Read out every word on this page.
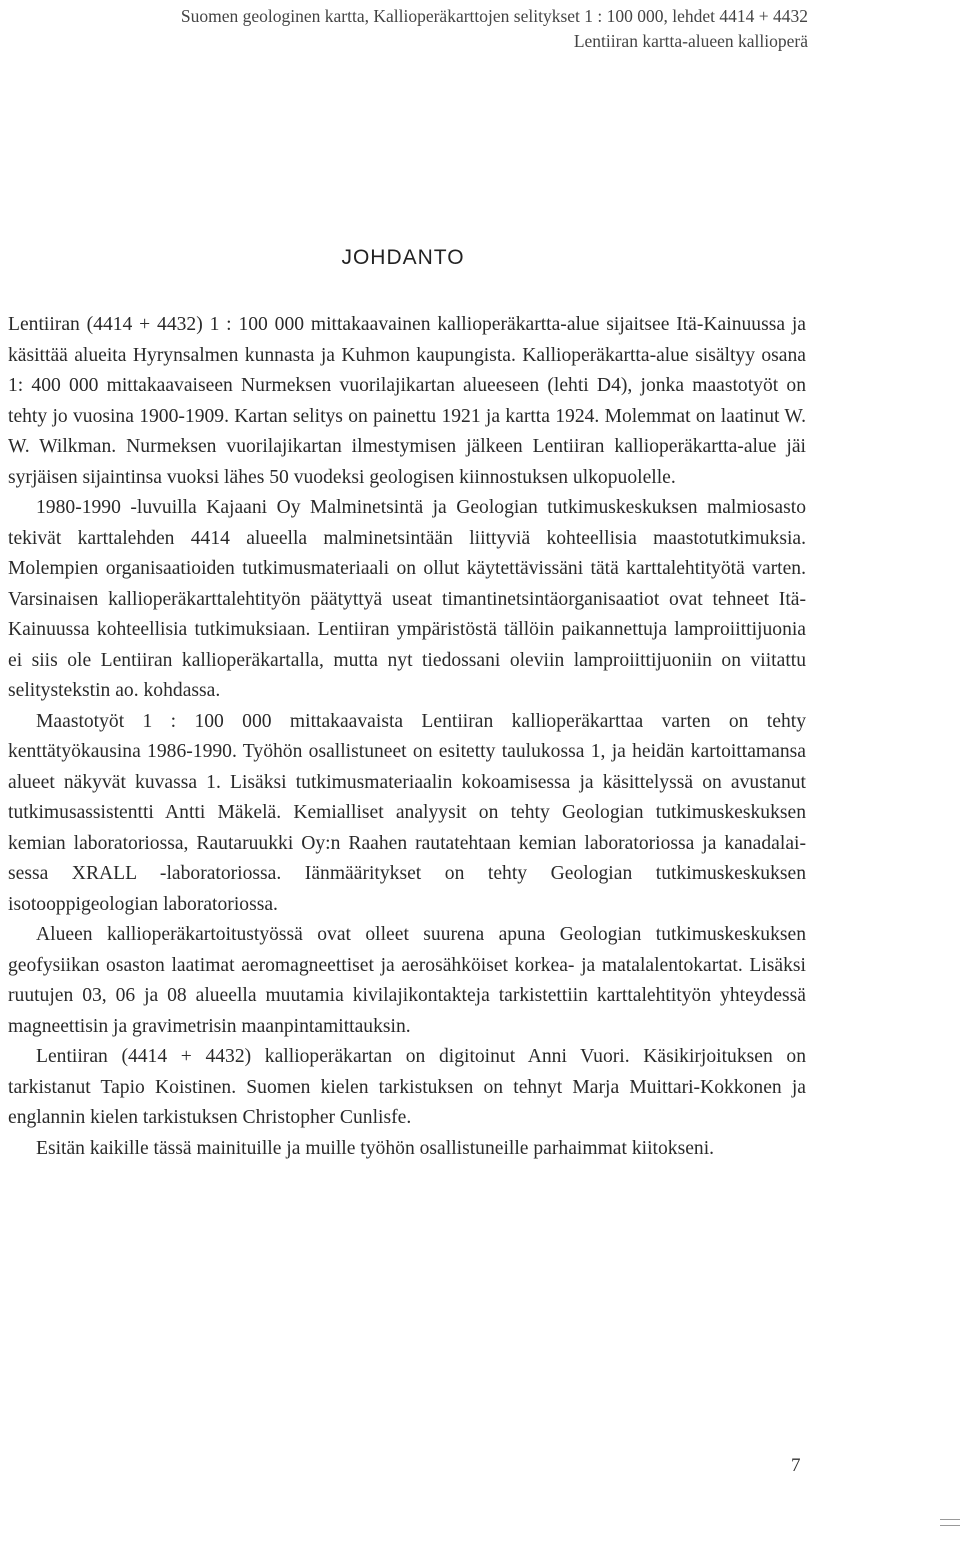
Suomen geologinen kartta, Kallioperäkarttojen selitykset 1 : 100 000, lehdet 4414 + 4432
Lentiiran kartta-alueen kallioperä
JOHDANTO

Lentiiran (4414 + 4432) 1 : 100 000 mittakaavainen kallioperäkartta-alue sijaitsee Itä-Kainuussa ja käsittää alueita Hyrynsalmen kunnasta ja Kuhmon kaupungista. Kallioperäkartta-alue sisältyy osana 1: 400 000 mittakaavaiseen Nurmeksen vuorilajikartan alueeseen (lehti D4), jonka maastotyöt on tehty jo vuosina 1900-1909. Kartan selitys on painettu 1921 ja kartta 1924. Molemmat on laatinut W. W. Wilkman. Nurmeksen vuorilajikartan ilmestymisen jälkeen Lentiiran kallioperäkartta-alue jäi syrjäisen sijaintinsa vuoksi lähes 50 vuodeksi geologisen kiinnostuksen ulkopuolelle.

1980-1990 -luvuilla Kajaani Oy Malminetsintä ja Geologian tutkimuskeskuksen malmiosasto tekivät karttalehden 4414 alueella malminetsintään liittyviä kohteellisia maastotutkimuksia. Molempien organisaatioiden tutkimusmateriaali on ollut käytettävissäni tätä karttalehtityötä varten. Varsinaisen kallioperäkarttalehtityön päätyttyä useat timantinetsintäorganisaatiot ovat tehneet Itä-Kainuussa kohteellisia tutkimuksiaan. Lentiiran ympäristöstä tällöin paikannettuja lamproiittijuonia ei siis ole Lentiiran kallioperäkartalla, mutta nyt tiedossani oleviin lamproiittijuoniin on viitattu selitystekstin ao. kohdassa.

Maastotyöt 1 : 100 000 mittakaavaista Lentiiran kallioperäkarttaa varten on tehty kenttätyökausina 1986-1990. Työhön osallistuneet on esitetty taulukossa 1, ja heidän kartoittamansa alueet näkyvät kuvassa 1. Lisäksi tutkimusmateriaalin kokoamisessa ja käsittelyssä on avustanut tutkimusassistentti Antti Mäkelä. Kemialliset analyysit on tehty Geologian tutkimuskeskuksen kemian laboratoriossa, Rautaruukki Oy:n Raahen rautatehtaan kemian laboratoriossa ja kanadalaisessa XRALL -laboratoriossa. Iänmääritykset on tehty Geologian tutkimuskeskuksen isotooppigeologian laboratoriossa.

Alueen kallioperäkartoitustyössä ovat olleet suurena apuna Geologian tutkimuskeskuksen geofysiikan osaston laatimat aeromagneettiset ja aerosähköiset korkea- ja matalalentokartat. Lisäksi ruutujen 03, 06 ja 08 alueella muutamia kivilajikontakteja tarkistettiin karttalehtityön yhteydessä magneettisin ja gravimetrisin maanpintamittauksin.

Lentiiran (4414 + 4432) kallioperäkartan on digitoinut Anni Vuori. Käsikirjoituksen on tarkistanut Tapio Koistinen. Suomen kielen tarkistuksen on tehnyt Marja Muittari-Kokkonen ja englannin kielen tarkistuksen Christopher Cunlisfe.

Esitän kaikille tässä mainituille ja muille työhön osallistuneille parhaimmat kiitokseni.

7
